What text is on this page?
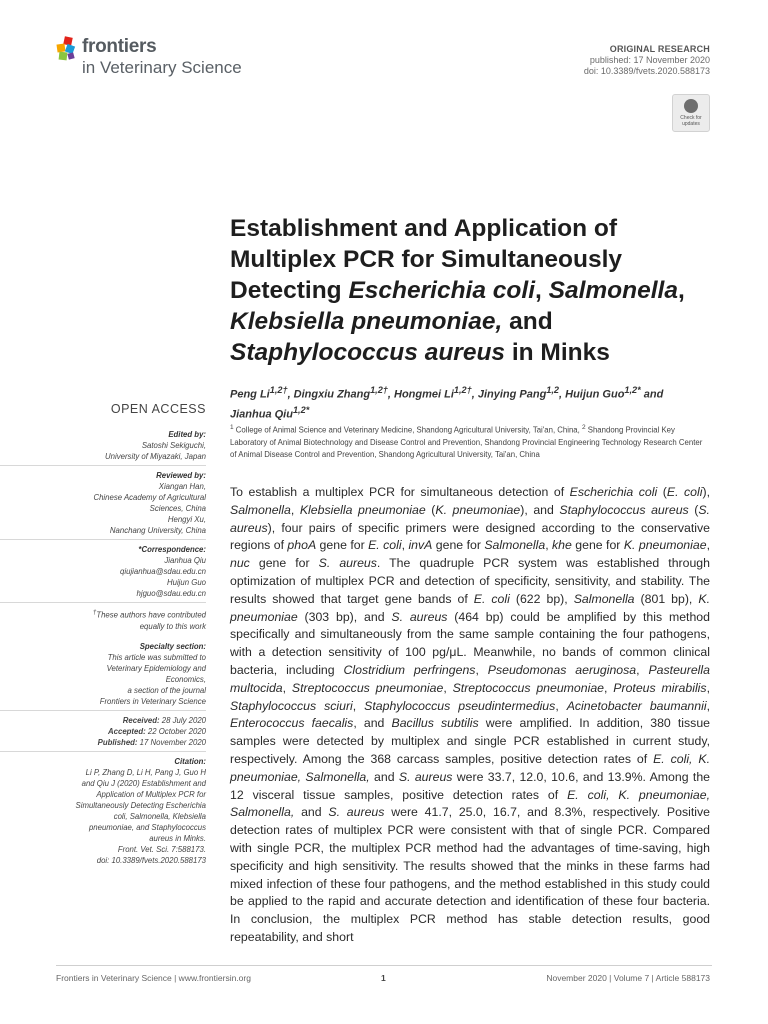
frontiers
in Veterinary Science
ORIGINAL RESEARCH
published: 17 November 2020
doi: 10.3389/fvets.2020.588173
Check for updates
Establishment and Application of Multiplex PCR for Simultaneously Detecting Escherichia coli, Salmonella, Klebsiella pneumoniae, and Staphylococcus aureus in Minks
Peng $Li^{1,2\dagger}$, Dingxiu Zhang$^{1,2\dagger}$, Hongmei $Li^{1,2\dagger}$, Jinying Pang$^{1,2}$, Huijun Guo$^{1,2*}$ and Jianhua Qiu$^{1,2*}$
$^1$ College of Animal Science and Veterinary Medicine, Shandong Agricultural University, Tai'an, China, $^2$ Shandong Provincial Key Laboratory of Animal Biotechnology and Disease Control and Prevention, Shandong Provincial Engineering Technology Research Center of Animal Disease Control and Prevention, Shandong Agricultural University, Tai'an, China
To establish a multiplex PCR for simultaneous detection of Escherichia coli (E. coli), Salmonella, Klebsiella pneumoniae (K. pneumoniae), and Staphylococcus aureus (S. aureus), four pairs of specific primers were designed according to the conservative regions of phoA gene for E. coli, invA gene for Salmonella, khe gene for K. pneumoniae, nuc gene for S. aureus. The quadruple PCR system was established through optimization of multiplex PCR and detection of specificity, sensitivity, and stability. The results showed that target gene bands of E. coli (622 bp), Salmonella (801 bp), K. pneumoniae (303 bp), and S. aureus (464 bp) could be amplified by this method specifically and simultaneously from the same sample containing the four pathogens, with a detection sensitivity of 100 pg/μL. Meanwhile, no bands of common clinical bacteria, including Clostridium perfringens, Pseudomonas aeruginosa, Pasteurella multocida, Streptococcus pneumoniae, Streptococcus pneumoniae, Proteus mirabilis, Staphylococcus sciuri, Staphylococcus pseudintermedius, Acinetobacter baumannii, Enterococcus faecalis, and Bacillus subtilis were amplified. In addition, 380 tissue samples were detected by multiplex and single PCR established in current study, respectively. Among the 368 carcass samples, positive detection rates of E. coli, K. pneumoniae, Salmonella, and S. aureus were 33.7, 12.0, 10.6, and 13.9%. Among the 12 visceral tissue samples, positive detection rates of E. coli, K. pneumoniae, Salmonella, and S. aureus were 41.7, 25.0, 16.7, and 8.3%, respectively. Positive detection rates of multiplex PCR were consistent with that of single PCR. Compared with single PCR, the multiplex PCR method had the advantages of time-saving, high specificity and high sensitivity. The results showed that the minks in these farms had mixed infection of these four pathogens, and the method established in this study could be applied to the rapid and accurate detection and identification of these four bacteria. In conclusion, the multiplex PCR method has stable detection results, good repeatability, and short
OPEN ACCESS
Edited by:
Satoshi Sekiguchi,
University of Miyazaki, Japan
Reviewed by:
Xiangan Han,
Chinese Academy of Agricultural
Sciences, China
Hengyi Xu,
Nanchang University, China
*Correspondence:
Jianhua Qiu
qiujianhua@sdau.edu.cn
Huijun Guo
hjguo@sdau.edu.cn
†These authors have contributed
equally to this work
Specialty section:
This article was submitted to
Veterinary Epidemiology and
Economics,
a section of the journal
Frontiers in Veterinary Science
Received: 28 July 2020
Accepted: 22 October 2020
Published: 17 November 2020
Citation:
Li P, Zhang D, Li H, Pang J, Guo H
and Qiu J (2020) Establishment and
Application of Multiplex PCR for
Simultaneously Detecting Escherichia
coli, Salmonella, Klebsiella
pneumoniae, and Staphylococcus
aureus in Minks.
Front. Vet. Sci. 7:588173.
doi: 10.3389/fvets.2020.588173
Frontiers in Veterinary Science | www.frontiersin.org	1	November 2020 | Volume 7 | Article 588173
